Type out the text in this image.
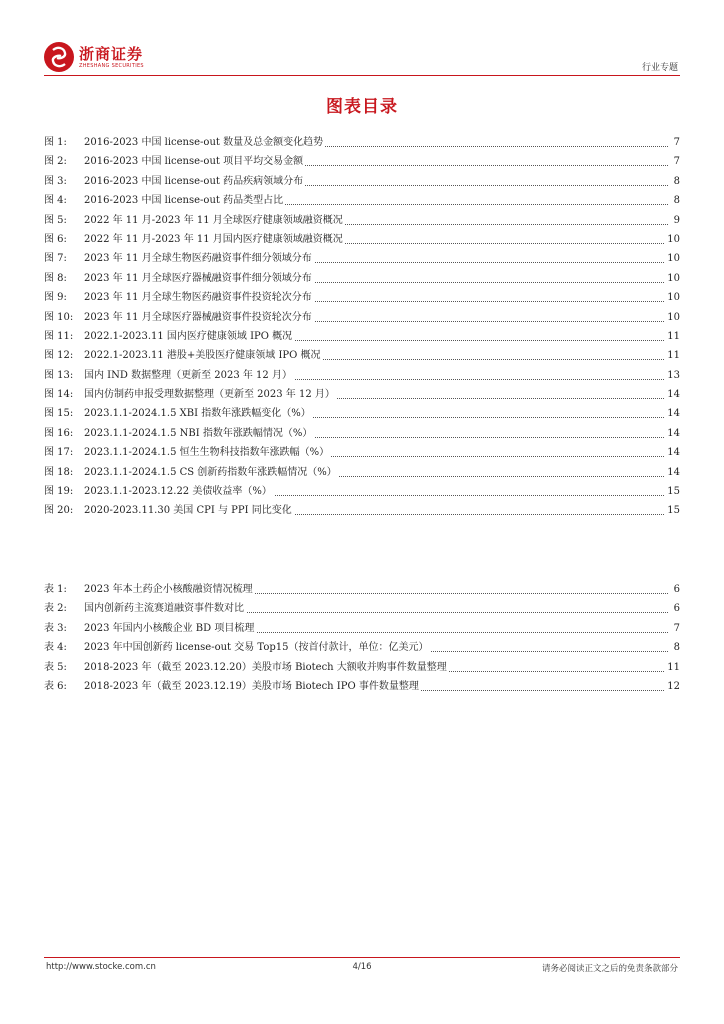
浙商证券
ZHESHANG SECURITIES	行业专题
图表目录
图 1: 2016-2023 中国 license-out 数量及总金额变化趋势	7
图 2: 2016-2023 中国 license-out 项目平均交易金额	7
图 3: 2016-2023 中国 license-out 药品疾病领域分布	8
图 4: 2016-2023 中国 license-out 药品类型占比	8
图 5: 2022 年 11 月-2023 年 11 月全球医疗健康领域融资概况	9
图 6: 2022 年 11 月-2023 年 11 月国内医疗健康领域融资概况	10
图 7: 2023 年 11 月全球生物医药融资事件细分领域分布	10
图 8: 2023 年 11 月全球医疗器械融资事件细分领域分布	10
图 9: 2023 年 11 月全球生物医药融资事件投资轮次分布	10
图 10: 2023 年 11 月全球医疗器械融资事件投资轮次分布	10
图 11: 2022.1-2023.11 国内医疗健康领域 IPO 概况	11
图 12: 2022.1-2023.11 港股+美股医疗健康领域 IPO 概况	11
图 13: 国内 IND 数据整理（更新至 2023 年 12 月）	13
图 14: 国内仿制药申报受理数据整理（更新至 2023 年 12 月）	14
图 15: 2023.1.1-2024.1.5 XBI 指数年涨跌幅变化（%）	14
图 16: 2023.1.1-2024.1.5 NBI 指数年涨跌幅情况（%）	14
图 17: 2023.1.1-2024.1.5 恒生生物科技指数年涨跌幅（%）	14
图 18: 2023.1.1-2024.1.5 CS 创新药指数年涨跌幅情况（%）	14
图 19: 2023.1.1-2023.12.22 美债收益率（%）	15
图 20: 2020-2023.11.30 美国 CPI 与 PPI 同比变化	15
表 1: 2023 年本土药企小核酸融资情况梳理	6
表 2: 国内创新药主流赛道融资事件数对比	6
表 3: 2023 年国内小核酸企业 BD 项目梳理	7
表 4: 2023 年中国创新药 license-out 交易 Top15（按首付款计，单位：亿美元）	8
表 5: 2018-2023 年（截至 2023.12.20）美股市场 Biotech 大额收并购事件数量整理	11
表 6: 2018-2023 年（截至 2023.12.19）美股市场 Biotech IPO 事件数量整理	12
http://www.stocke.com.cn	4/16	请务必阅读正文之后的免责条款部分
